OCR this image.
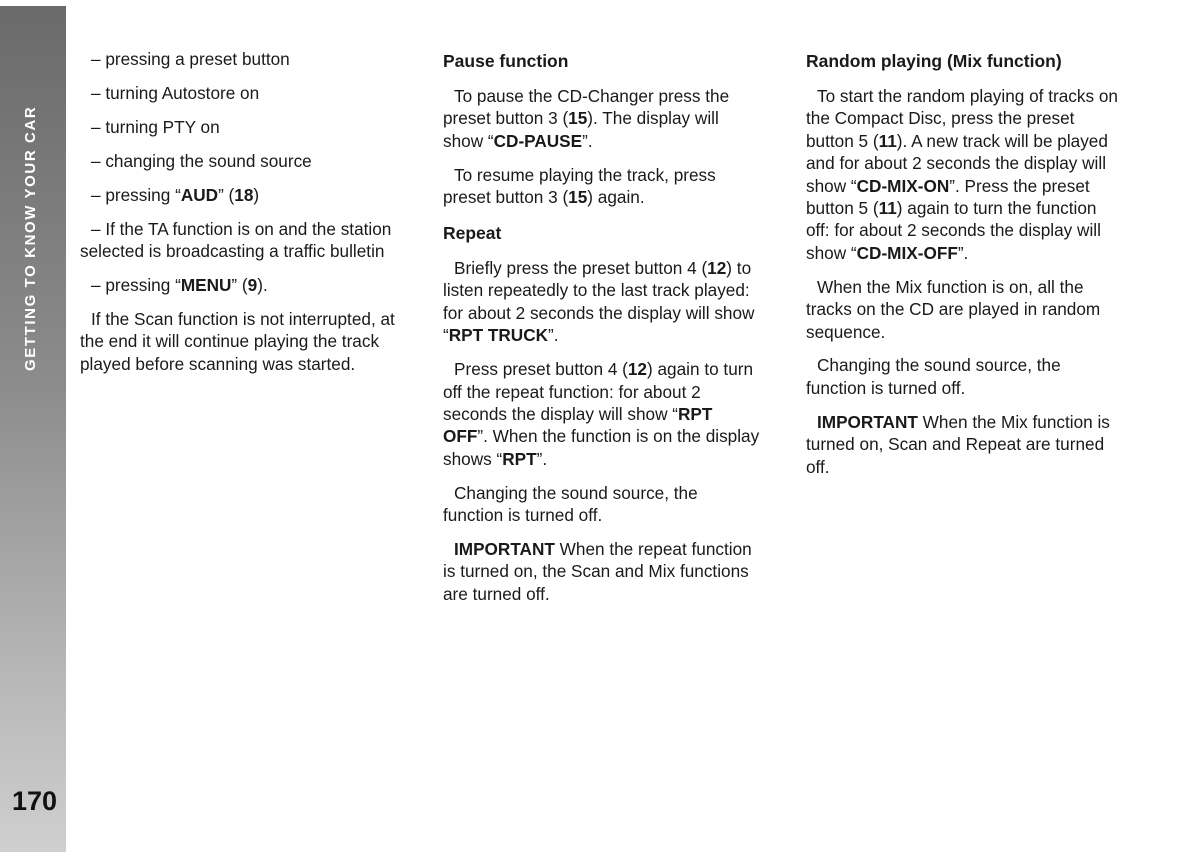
GETTING TO KNOW YOUR CAR
170

– pressing a preset button

– turning Autostore on

– turning PTY on

– changing the sound source

– pressing “AUD” (18)

– If the TA function is on and the station selected is broadcasting a traffic bulletin

– pressing “MENU” (9).

If the Scan function is not interrupted, at the end it will continue playing the track played before scanning was started.

Pause function

To pause the CD-Changer press the preset button 3 (15). The display will show “CD-PAUSE”.

To resume playing the track, press preset button 3 (15) again.

Repeat

Briefly press the preset button 4 (12) to listen repeatedly to the last track played: for about 2 seconds the display will show “RPT TRUCK”.

Press preset button 4 (12) again to turn off the repeat function: for about 2 seconds the display will show “RPT OFF”. When the function is on the display shows “RPT”.

Changing the sound source, the function is turned off.

IMPORTANT When the repeat function is turned on, the Scan and Mix functions are turned off.

Random playing (Mix function)

To start the random playing of tracks on the Compact Disc, press the preset button 5 (11). A new track will be played and for about 2 seconds the display will show “CD-MIX-ON”. Press the preset button 5 (11) again to turn the function off: for about 2 seconds the display will show “CD-MIX-OFF”.

When the Mix function is on, all the tracks on the CD are played in random sequence.

Changing the sound source, the function is turned off.

IMPORTANT When the Mix function is turned on, Scan and Repeat are turned off.
